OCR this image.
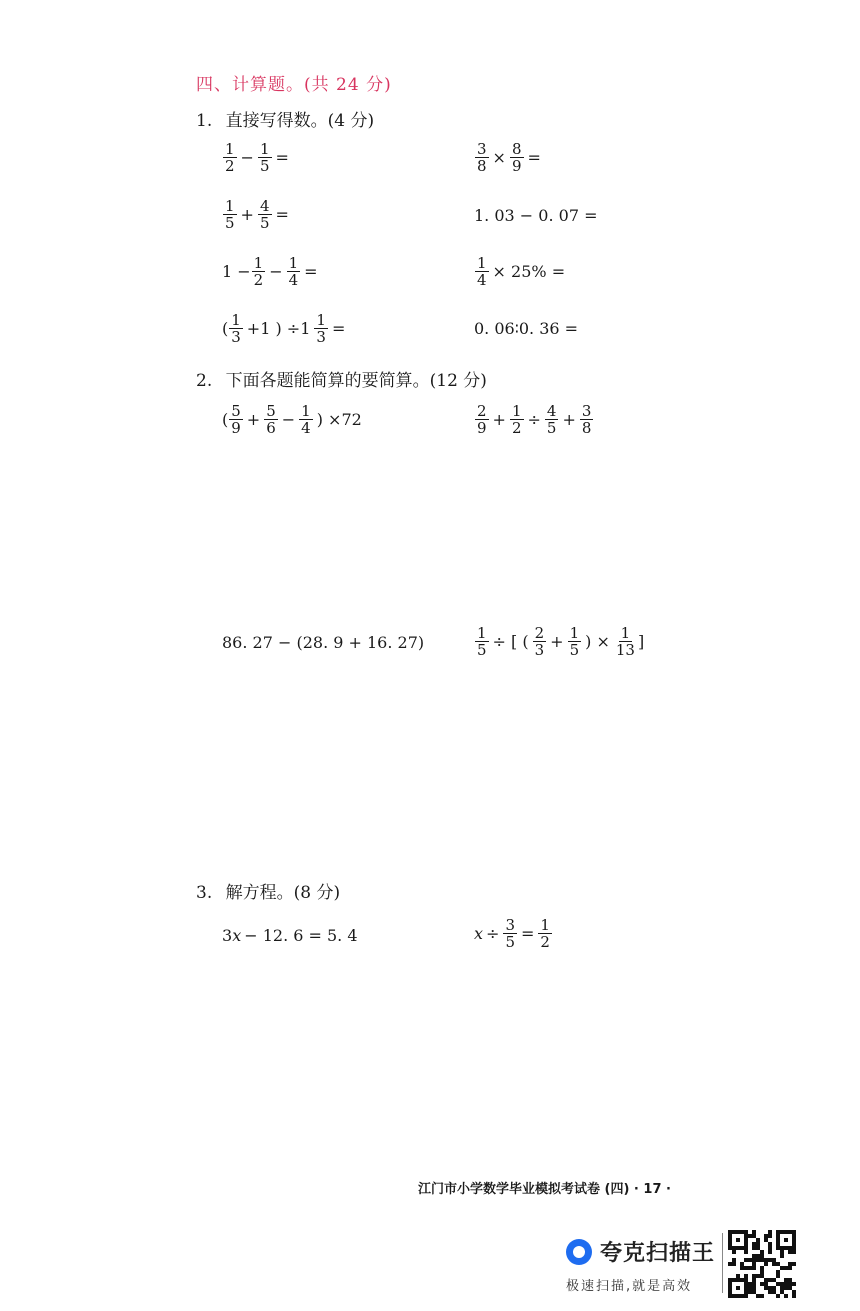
四、计算题。(共 24 分)
1. 直接写得数。(4 分)
$\frac{1}{2} - \frac{1}{5}$ =	$\frac{3}{8} \times \frac{8}{9}$ =
$\frac{1}{5} + \frac{4}{5}$ =	1. 03 − 0. 07 =
$1 - \frac{1}{2} - \frac{1}{4}$ =	$\frac{1}{4} \times 25\%$ =
( $\frac{1}{3} +1$ ) $\div 1 \frac{1}{3}$ =	0. 06∶0. 36 =
2. 下面各题能简算的要简算。(12 分)
( $\frac{5}{9} + \frac{5}{6} - \frac{1}{4}$ ) ×72	$\frac{2}{9} + \frac{1}{2} \div \frac{4}{5} + \frac{3}{8}$
86. 27 − (28. 9 + 16. 27)	$\frac{1}{5}$ ÷ [ ( $\frac{2}{3} + \frac{1}{5}$ ) × $\frac{1}{13}$ ]
3. 解方程。(8 分)
3 x − 12. 6 = 5. 4	$x \div \frac{3}{5} = \frac{1}{2}$
江门市小学数学毕业模拟考试卷 (四) · 17 ·
夸克扫描王
极速扫描,就是高效
